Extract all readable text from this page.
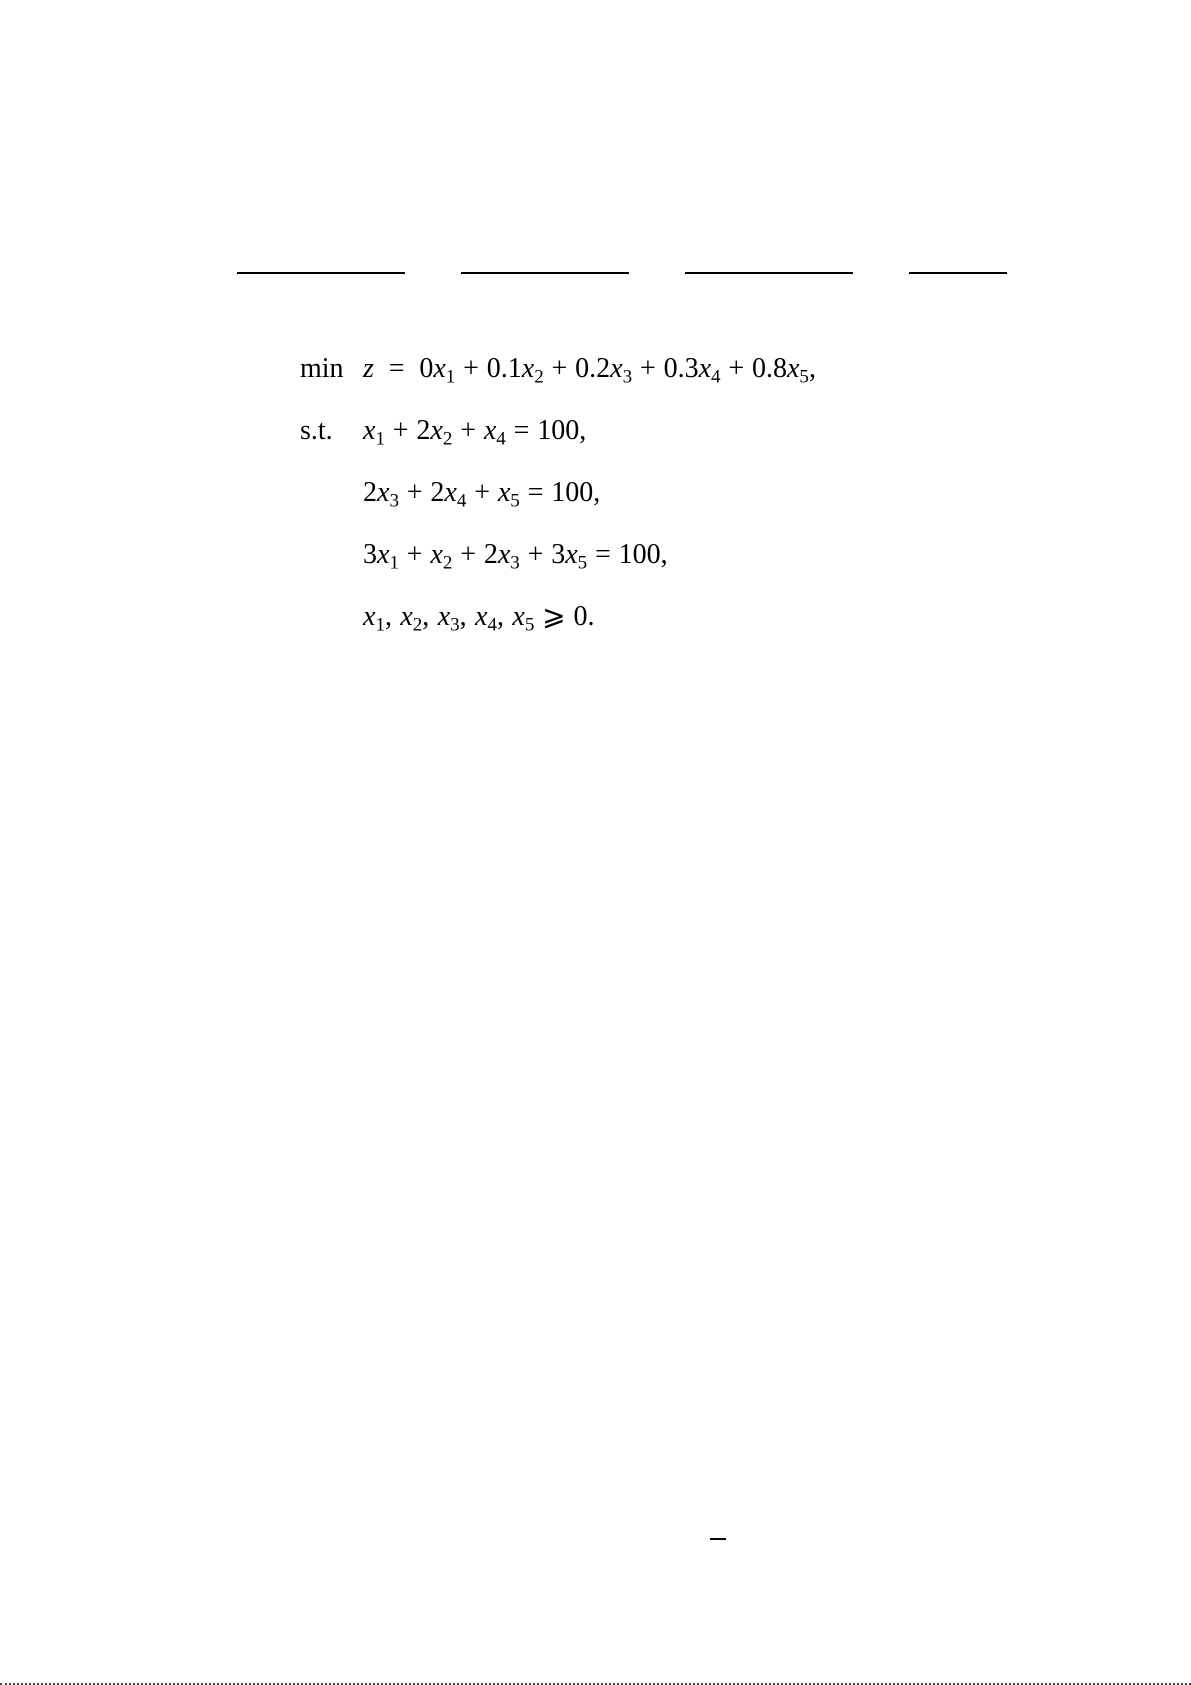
$\min z = 0x_1 + 0.1x_2 + 0.2x_3 + 0.3x_4 + 0.8x_5$,
s.t. $x_1 + 2x_2 + x_4 = 100$,
$2x_3 + 2x_4 + x_5 = 100$,
$3x_1 + x_2 + 2x_3 + 3x_5 = 100$,
$x_1$, $x_2$, $x_3$, $x_4$, $x_5$ ⩾ 0.
